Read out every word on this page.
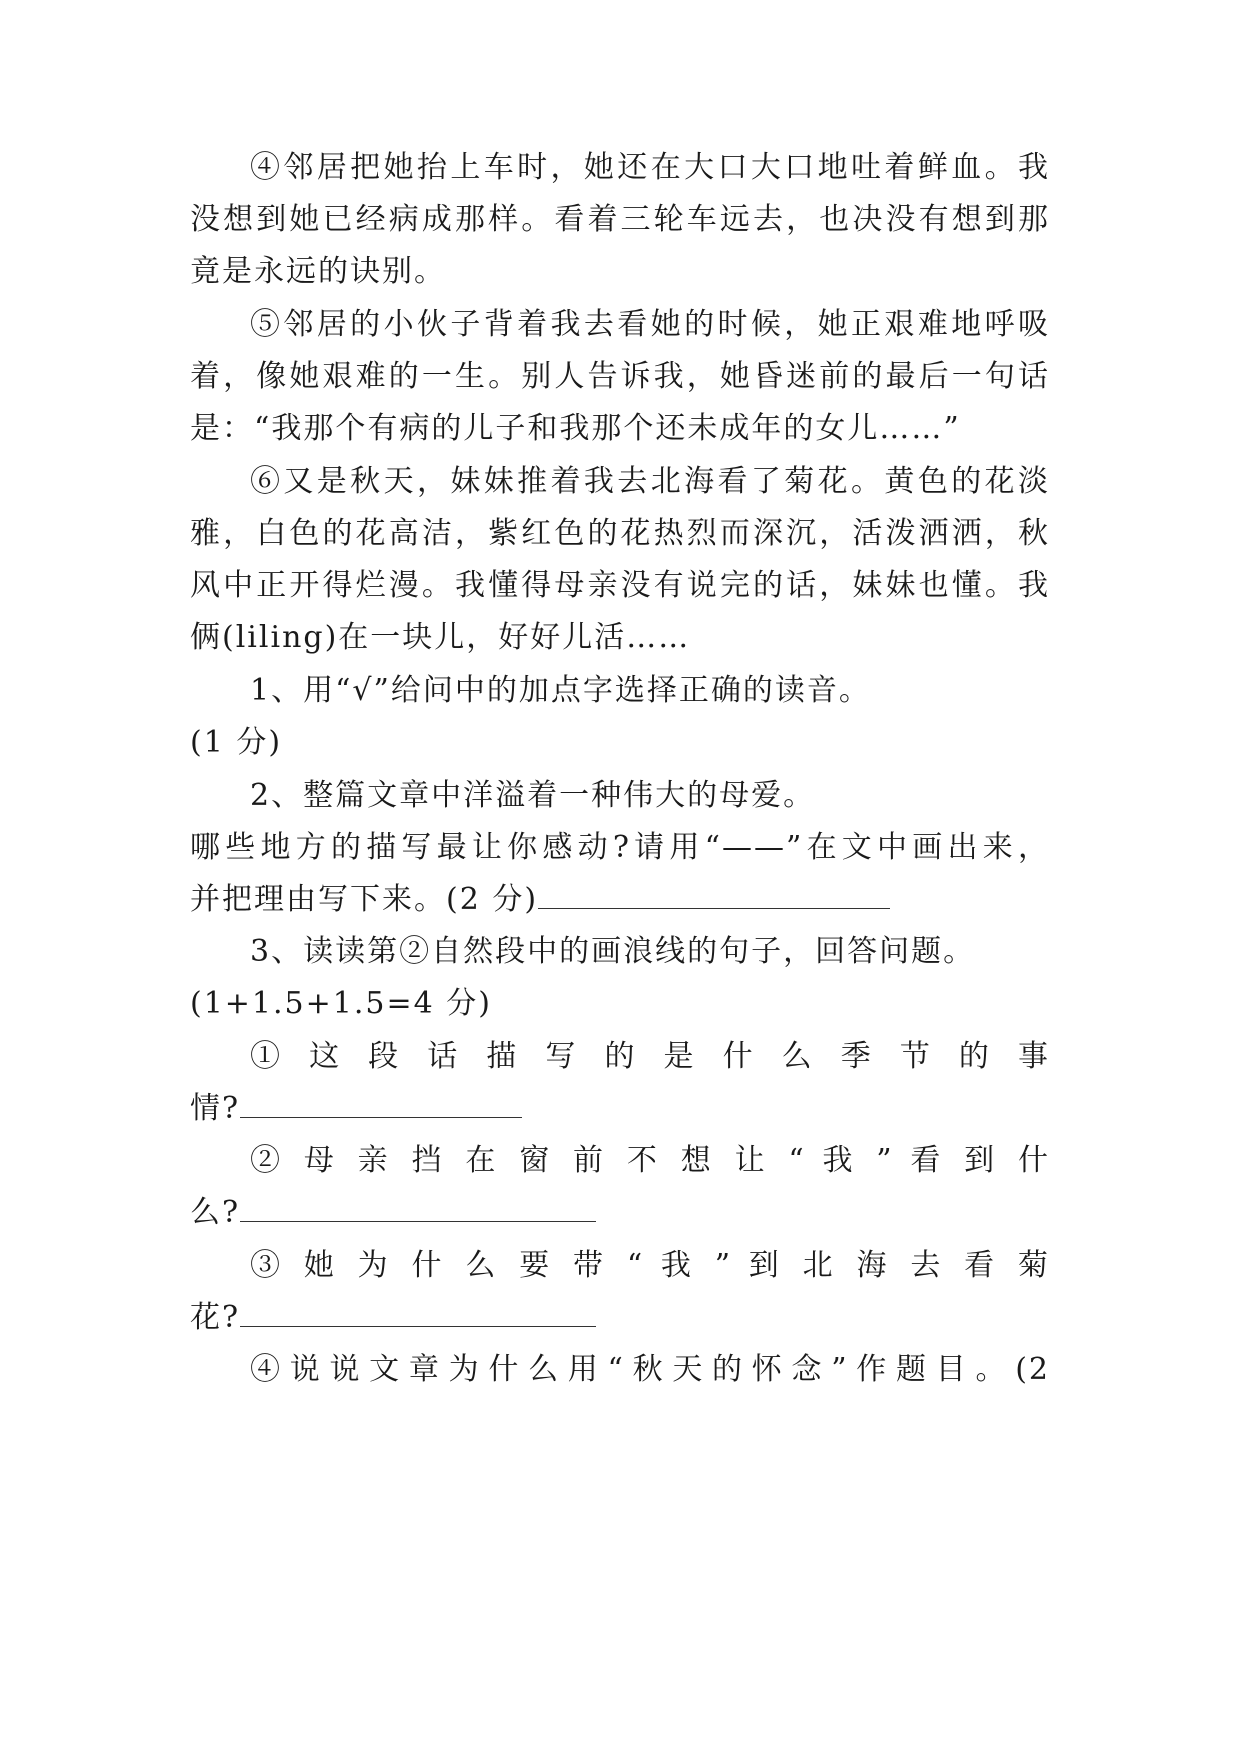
④邻居把她抬上车时，她还在大口大口地吐着鲜血。我
没想到她已经病成那样。看着三轮车远去，也决没有想到那
竟是永远的诀别。
⑤邻居的小伙子背着我去看她的时候，她正艰难地呼吸
着，像她艰难的一生。别人告诉我，她昏迷前的最后一句话
是：“我那个有病的儿子和我那个还未成年的女儿……”
⑥又是秋天，妹妹推着我去北海看了菊花。黄色的花淡
雅，白色的花高洁，紫红色的花热烈而深沉，活泼洒洒，秋
风中正开得烂漫。我懂得母亲没有说完的话，妹妹也懂。我
俩(liling)在一块儿，好好儿活……
1、用“√”给问中的加点字选择正确的读音。
(1 分)
2、整篇文章中洋溢着一种伟大的母爱。
哪些地方的描写最让你感动?请用“——”在文中画出来，
并把理由写下来。(2 分)
3、读读第②自然段中的画浪线的句子，回答问题。
(1+1.5+1.5=4 分)
① 这 段 话 描 写 的 是 什 么 季 节 的 事
情?
② 母 亲 挡 在 窗 前 不 想 让 “ 我 ” 看 到 什
么?
③ 她 为 什 么 要 带 “ 我 ” 到 北 海 去 看 菊
花?
④说说文章为什么用“秋天的怀念”作题目。(2
